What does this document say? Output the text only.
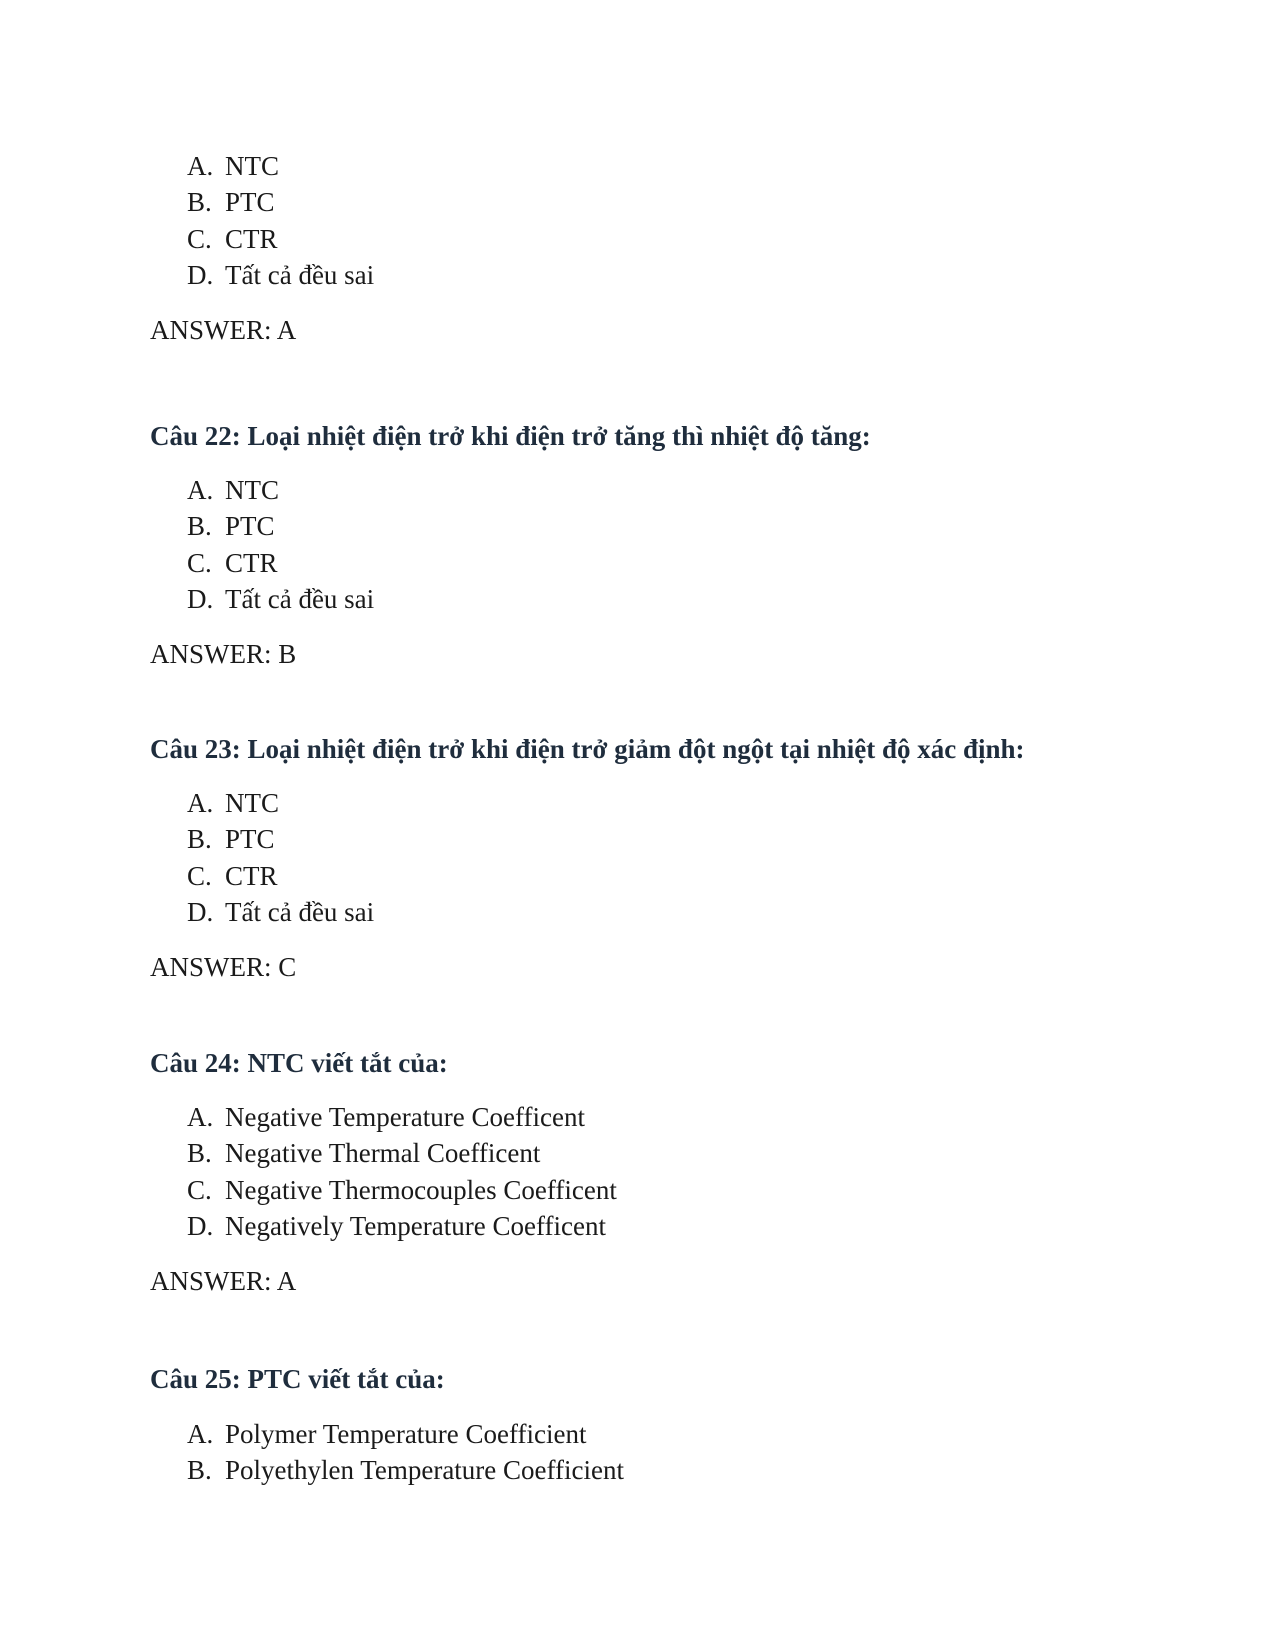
A. NTC
B. PTC
C. CTR
D. Tất cả đều sai
ANSWER: A
Câu 22: Loại nhiệt điện trở khi điện trở tăng thì nhiệt độ tăng:
A. NTC
B. PTC
C. CTR
D. Tất cả đều sai
ANSWER: B
Câu 23: Loại nhiệt điện trở khi điện trở giảm đột ngột tại nhiệt độ xác định:
A. NTC
B. PTC
C. CTR
D. Tất cả đều sai
ANSWER: C
Câu 24: NTC viết tắt của:
A. Negative Temperature Coefficent
B. Negative Thermal Coefficent
C. Negative Thermocouples Coefficent
D. Negatively Temperature Coefficent
ANSWER: A
Câu 25: PTC viết tắt của:
A. Polymer Temperature Coefficient
B. Polyethylen Temperature Coefficient
